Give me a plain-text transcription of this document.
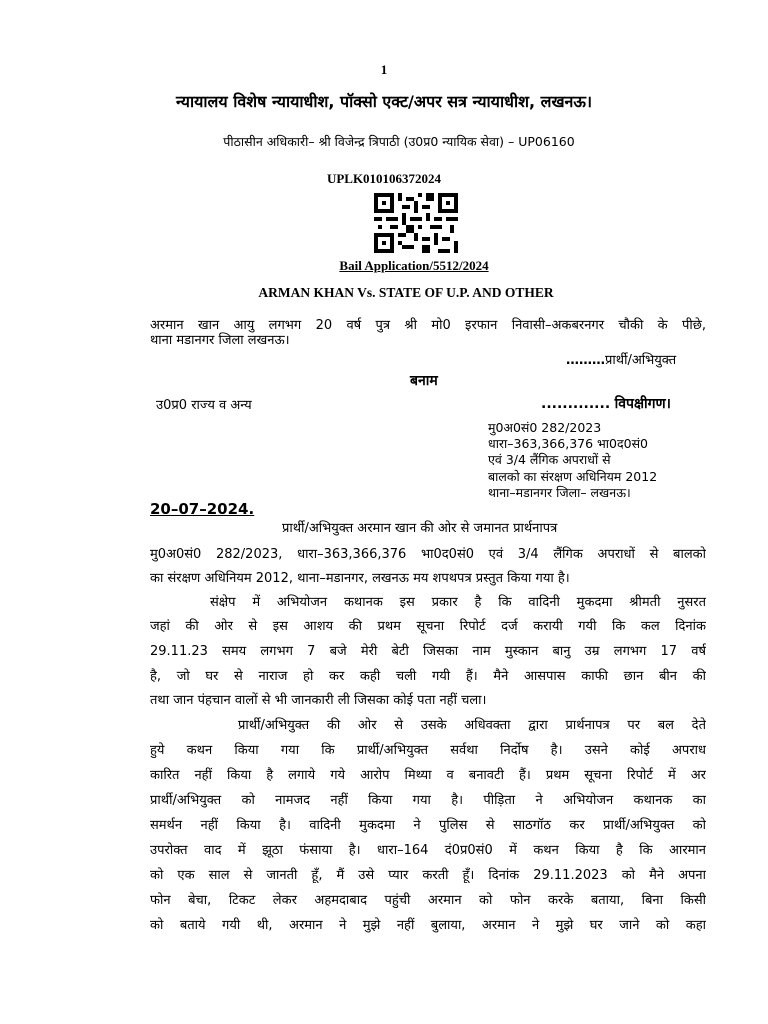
1
न्यायालय विशेष न्यायाधीश, पॉक्सो एक्ट/अपर सत्र न्यायाधीश, लखनऊ।
पीठासीन अधिकारी– श्री विजेन्द्र त्रिपाठी (उ0प्र0 न्यायिक सेवा) – UP06160
UPLK010106372024
Bail Application/5512/2024
ARMAN KHAN Vs. STATE OF U.P. AND OTHER
अरमान खान आयु लगभग 20 वर्ष पुत्र श्री मो0 इरफान निवासी–अकबरनगर चौकी के पीछे,
थाना मडानगर जिला लखनऊ।
………प्रार्थी/अभियुक्त
बनाम
उ0प्र0 राज्य व अन्य	............. विपक्षीगण।
मु0अ0सं0 282/2023
धारा–363,366,376 भा0द0सं0
एवं 3/4 लैंगिक अपराधों से
बालको का संरक्षण अधिनियम 2012
थाना–मडानगर जिला– लखनऊ।
20–07–2024.
प्रार्थी/अभियुक्त अरमान खान की ओर से जमानत प्रार्थनापत्र
मु0अ0सं0 282/2023, धारा–363,366,376 भा0द0सं0 एवं 3/4 लैंगिक अपराधों से बालको
का संरक्षण अधिनियम 2012, थाना–मडानगर, लखनऊ मय शपथपत्र प्रस्तुत किया गया है।
संक्षेप में अभियोजन कथानक इस प्रकार है कि वादिनी मुकदमा श्रीमती नुसरत
जहां की ओर से इस आशय की प्रथम सूचना रिपोर्ट दर्ज करायी गयी कि कल दिनांक
29.11.23 समय लगभग 7 बजे मेरी बेटी जिसका नाम मुस्कान बानु उम्र लगभग 17 वर्ष
है, जो घर से नाराज हो कर कही चली गयी हैं। मैने आसपास काफी छान बीन की
तथा जान पंहचान वालों से भी जानकारी ली जिसका कोई पता नहीं चला।
प्रार्थी/अभियुक्त की ओर से उसके अधिवक्ता द्वारा प्रार्थनापत्र पर बल देते
हुये कथन किया गया कि प्रार्थी/अभियुक्त सर्वथा निर्दोष है। उसने कोई अपराध
कारित नहीं किया है लगाये गये आरोप मिथ्या व बनावटी हैं। प्रथम सूचना रिपोर्ट में अर
प्रार्थी/अभियुक्त को नामजद नहीं किया गया है। पीड़िता ने अभियोजन कथानक का
समर्थन नहीं किया है। वादिनी मुकदमा ने पुलिस से साठगॉठ कर प्रार्थी/अभियुक्त को
उपरोक्त वाद में झूठा फंसाया है। धारा–164 दं0प्र0सं0 में कथन किया है कि आरमान
को एक साल से जानती हूँ, मैं उसे प्यार करती हूँ। दिनांक 29.11.2023 को मैने अपना
फोन बेचा, टिकट लेकर अहमदाबाद पहुंची अरमान को फोन करके बताया, बिना किसी
को बताये गयी थी, अरमान ने मुझे नहीं बुलाया, अरमान ने मुझे घर जाने को कहा
